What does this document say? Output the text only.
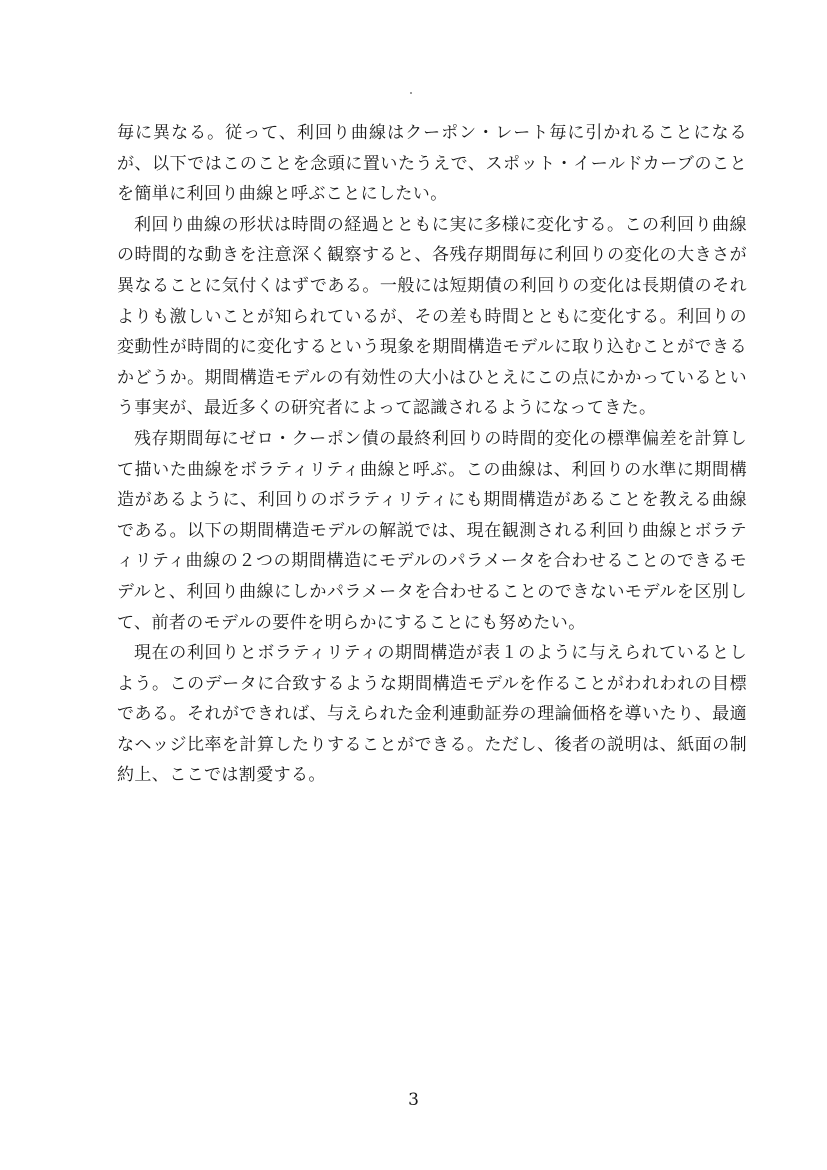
毎に異なる。従って、利回り曲線はクーポン・レート毎に引かれることになるが、以下ではこのことを念頭に置いたうえで、スポット・イールドカーブのことを簡単に利回り曲線と呼ぶことにしたい。

利回り曲線の形状は時間の経過とともに実に多様に変化する。この利回り曲線の時間的な動きを注意深く観察すると、各残存期間毎に利回りの変化の大きさが異なることに気付くはずである。一般には短期債の利回りの変化は長期債のそれよりも激しいことが知られているが、その差も時間とともに変化する。利回りの変動性が時間的に変化するという現象を期間構造モデルに取り込むことができるかどうか。期間構造モデルの有効性の大小はひとえにこの点にかかっているという事実が、最近多くの研究者によって認識されるようになってきた。

残存期間毎にゼロ・クーポン債の最終利回りの時間的変化の標準偏差を計算して描いた曲線をボラティリティ曲線と呼ぶ。この曲線は、利回りの水準に期間構造があるように、利回りのボラティリティにも期間構造があることを教える曲線である。以下の期間構造モデルの解説では、現在観測される利回り曲線とボラティリティ曲線の２つの期間構造にモデルのパラメータを合わせることのできるモデルと、利回り曲線にしかパラメータを合わせることのできないモデルを区別して、前者のモデルの要件を明らかにすることにも努めたい。

現在の利回りとボラティリティの期間構造が表１のように与えられているとしよう。このデータに合致するような期間構造モデルを作ることがわれわれの目標である。それができれば、与えられた金利連動証券の理論価格を導いたり、最適なヘッジ比率を計算したりすることができる。ただし、後者の説明は、紙面の制約上、ここでは割愛する。

3
